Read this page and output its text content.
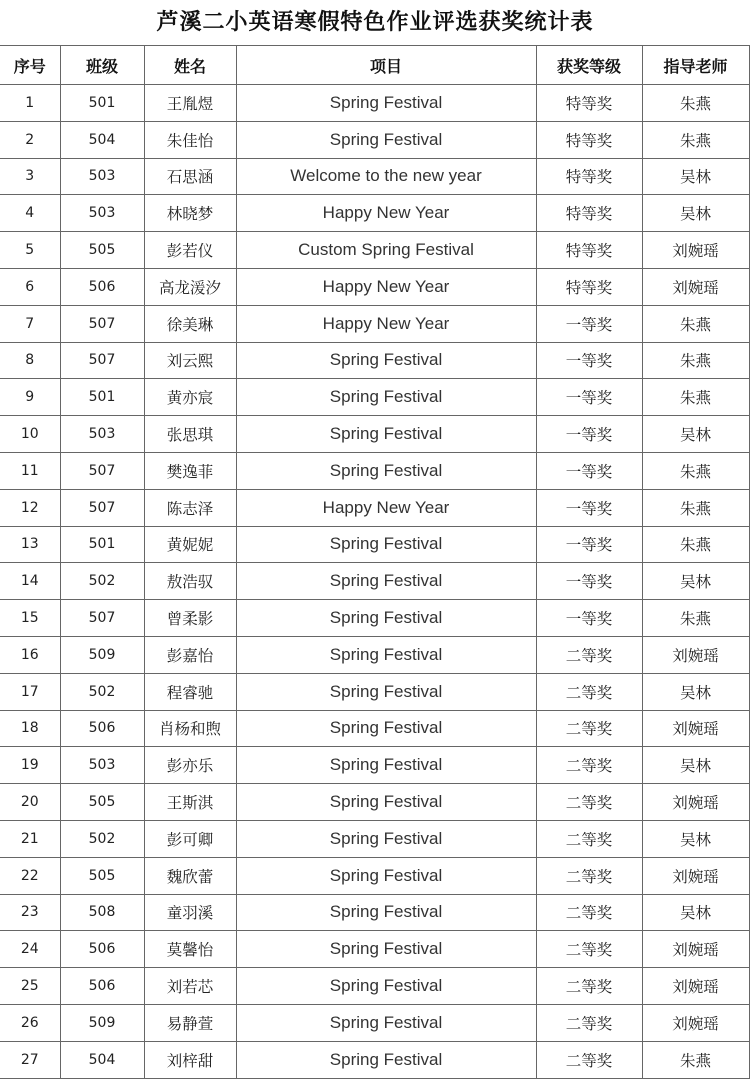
芦溪二小英语寒假特色作业评选获奖统计表
序号	班级	姓名	项目	获奖等级	指导老师
1	501	王胤煜	Spring Festival	特等奖	朱燕
2	504	朱佳怡	Spring Festival	特等奖	朱燕
3	503	石思涵	Welcome to the new year	特等奖	吴林
4	503	林晓梦	Happy New Year	特等奖	吴林
5	505	彭若仪	Custom Spring Festival	特等奖	刘婉瑶
6	506	高龙湲汐	Happy New Year	特等奖	刘婉瑶
7	507	徐美琳	Happy New Year	一等奖	朱燕
8	507	刘云熙	Spring Festival	一等奖	朱燕
9	501	黄亦宸	Spring Festival	一等奖	朱燕
10	503	张思琪	Spring Festival	一等奖	吴林
11	507	樊逸菲	Spring Festival	一等奖	朱燕
12	507	陈志泽	Happy New Year	一等奖	朱燕
13	501	黄妮妮	Spring Festival	一等奖	朱燕
14	502	敖浩驭	Spring Festival	一等奖	吴林
15	507	曾柔影	Spring Festival	一等奖	朱燕
16	509	彭嘉怡	Spring Festival	二等奖	刘婉瑶
17	502	程睿驰	Spring Festival	二等奖	吴林
18	506	肖杨和煦	Spring Festival	二等奖	刘婉瑶
19	503	彭亦乐	Spring Festival	二等奖	吴林
20	505	王斯淇	Spring Festival	二等奖	刘婉瑶
21	502	彭可卿	Spring Festival	二等奖	吴林
22	505	魏欣蕾	Spring Festival	二等奖	刘婉瑶
23	508	童羽溪	Spring Festival	二等奖	吴林
24	506	莫馨怡	Spring Festival	二等奖	刘婉瑶
25	506	刘若芯	Spring Festival	二等奖	刘婉瑶
26	509	易静萱	Spring Festival	二等奖	刘婉瑶
27	504	刘梓甜	Spring Festival	二等奖	朱燕
